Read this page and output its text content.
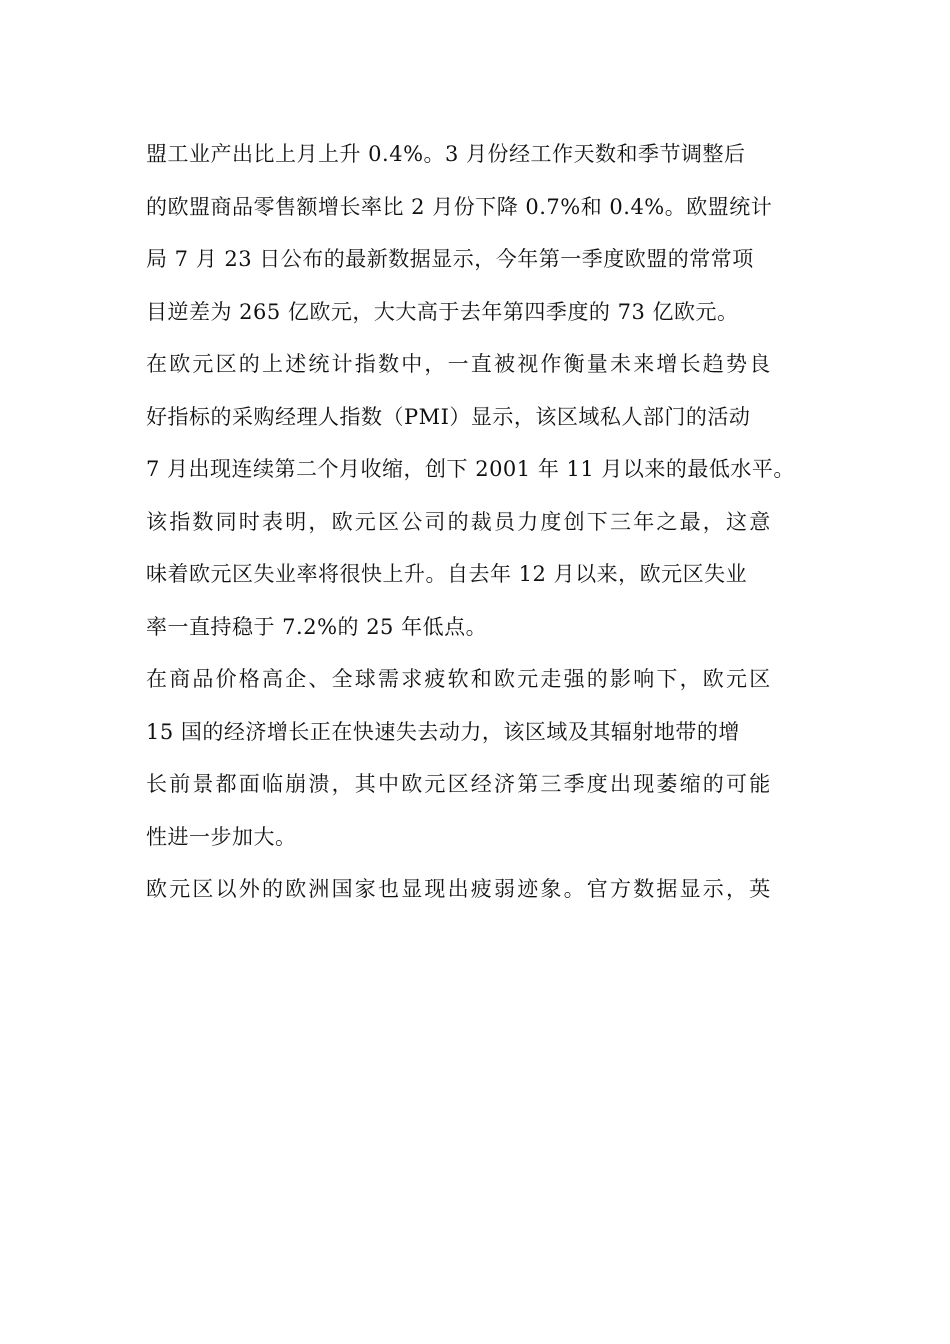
盟工业产出比上月上升 0.4%。3 月份经工作天数和季节调整后
的欧盟商品零售额增长率比 2 月份下降 0.7%和 0.4%。欧盟统计
局 7 月 23 日公布的最新数据显示，今年第一季度欧盟的常常项
目逆差为 265 亿欧元，大大高于去年第四季度的 73 亿欧元。
在欧元区的上述统计指数中，一直被视作衡量未来增长趋势良
好指标的采购经理人指数（PMI）显示，该区域私人部门的活动
7 月出现连续第二个月收缩，创下 2001 年 11 月以来的最低水平。
该指数同时表明，欧元区公司的裁员力度创下三年之最，这意
味着欧元区失业率将很快上升。自去年 12 月以来，欧元区失业
率一直持稳于 7.2%的 25 年低点。
在商品价格高企、全球需求疲软和欧元走强的影响下，欧元区
15 国的经济增长正在快速失去动力，该区域及其辐射地带的增
长前景都面临崩溃，其中欧元区经济第三季度出现萎缩的可能
性进一步加大。
欧元区以外的欧洲国家也显现出疲弱迹象。官方数据显示，英
